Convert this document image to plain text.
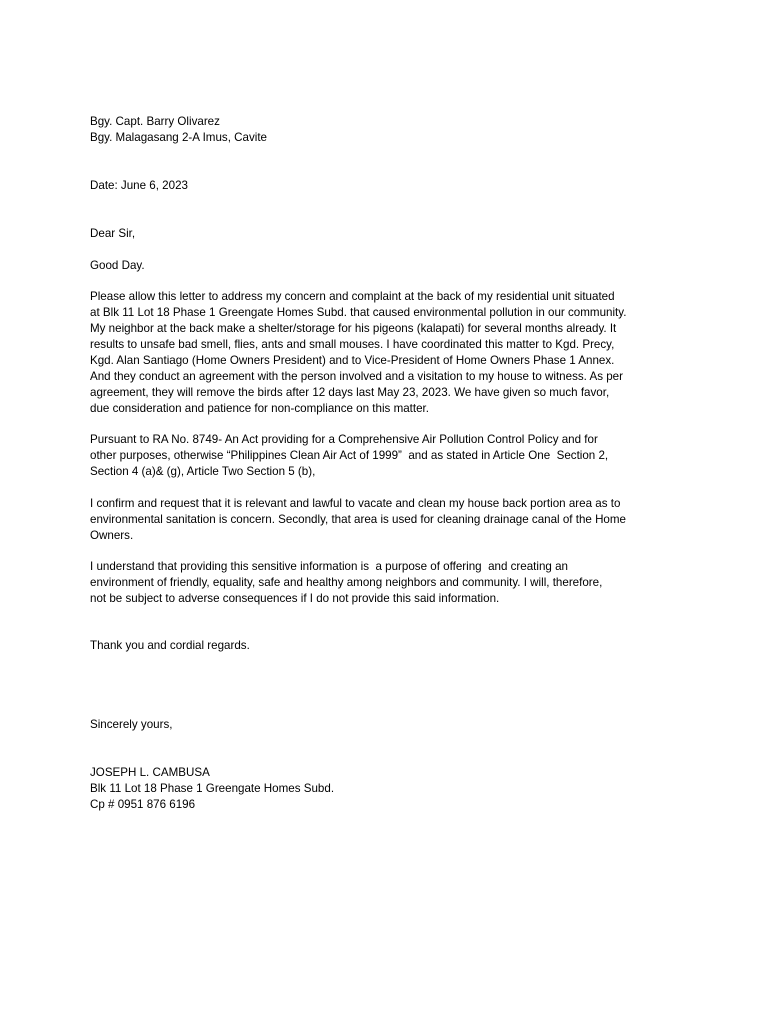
Bgy. Capt. Barry Olivarez
Bgy. Malagasang 2-A Imus, Cavite
Date: June 6, 2023
Dear Sir,
Good Day.
Please allow this letter to address my concern and complaint at the back of my residential unit situated
at Blk 11 Lot 18 Phase 1 Greengate Homes Subd. that caused environmental pollution in our community.
My neighbor at the back make a shelter/storage for his pigeons (kalapati) for several months already. It
results to unsafe bad smell, flies, ants and small mouses. I have coordinated this matter to Kgd. Precy,
Kgd. Alan Santiago (Home Owners President) and to Vice-President of Home Owners Phase 1 Annex.
And they conduct an agreement with the person involved and a visitation to my house to witness. As per
agreement, they will remove the birds after 12 days last May 23, 2023. We have given so much favor,
due consideration and patience for non-compliance on this matter.
Pursuant to RA No. 8749- An Act providing for a Comprehensive Air Pollution Control Policy and for
other purposes, otherwise “Philippines Clean Air Act of 1999”  and as stated in Article One  Section 2,
Section 4 (a)& (g), Article Two Section 5 (b),
I confirm and request that it is relevant and lawful to vacate and clean my house back portion area as to
environmental sanitation is concern. Secondly, that area is used for cleaning drainage canal of the Home
Owners.
I understand that providing this sensitive information is  a purpose of offering  and creating an
environment of friendly, equality, safe and healthy among neighbors and community. I will, therefore,
not be subject to adverse consequences if I do not provide this said information.
Thank you and cordial regards.
Sincerely yours,
JOSEPH L. CAMBUSA
Blk 11 Lot 18 Phase 1 Greengate Homes Subd.
Cp # 0951 876 6196
